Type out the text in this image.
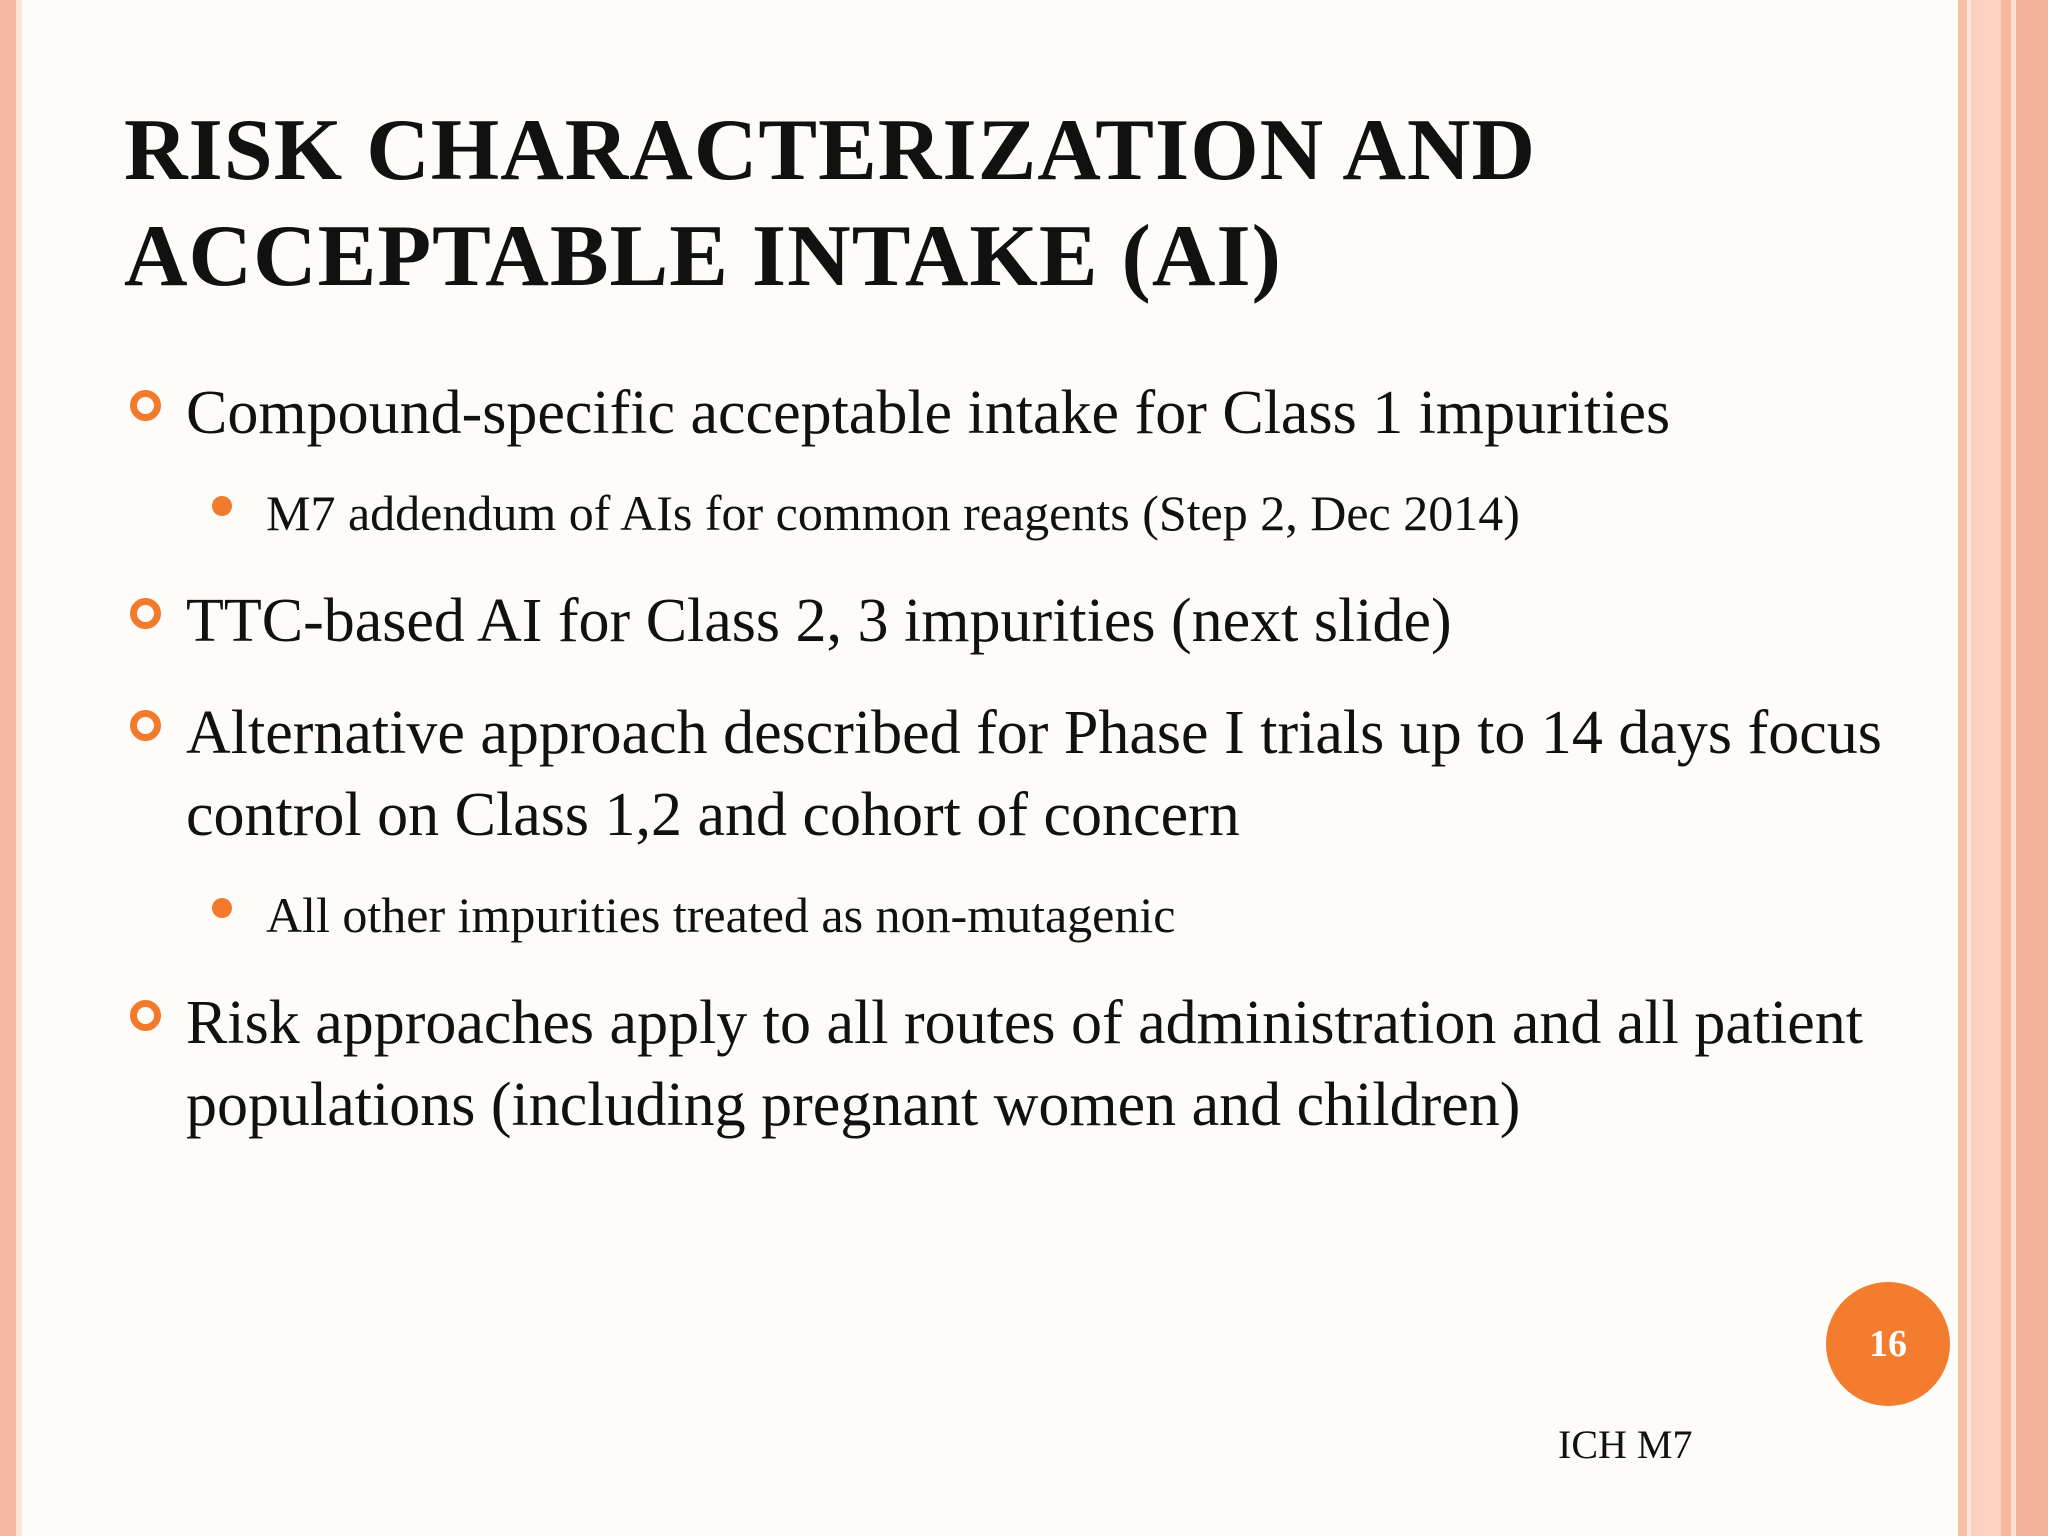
RISK CHARACTERIZATION AND ACCEPTABLE INTAKE (AI)
Compound-specific acceptable intake for Class 1 impurities
M7 addendum of AIs for common reagents (Step 2, Dec 2014)
TTC-based AI for Class 2, 3 impurities (next slide)
Alternative approach described for Phase I trials up to 14 days focus control on Class 1,2 and cohort of concern
All other impurities treated as non-mutagenic
Risk approaches apply to all routes of administration and all patient populations (including pregnant women and children)
16
ICH M7
